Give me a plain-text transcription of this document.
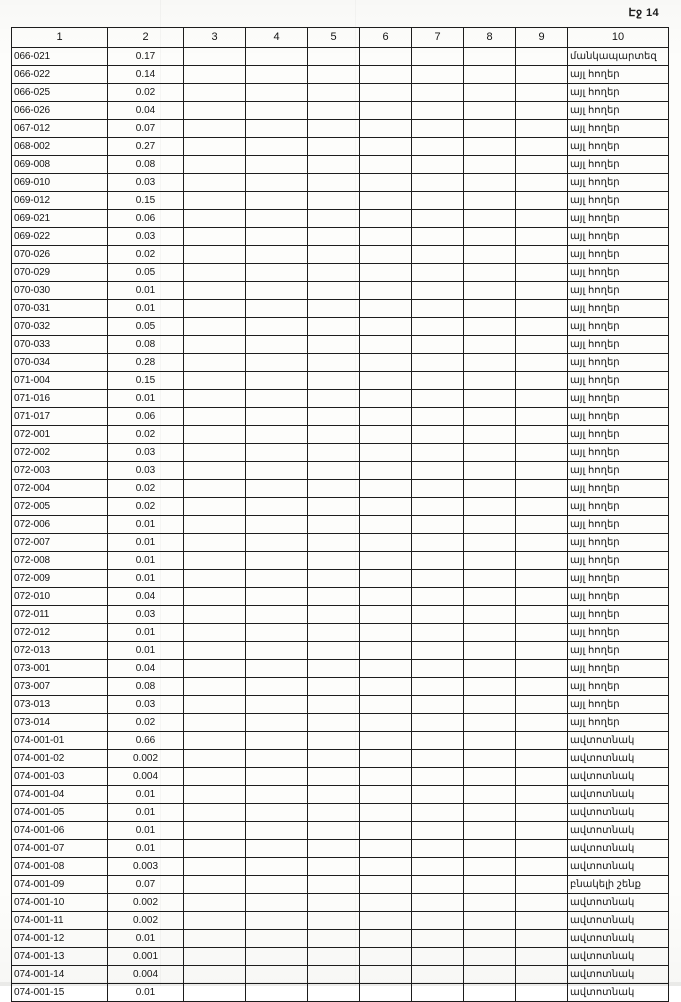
Էջ 14
1	2	3	4	5	6	7	8	9	10
066-021	0.17								մանկապարտեզ
066-022	0.14								այլ հողեր
066-025	0.02								այլ հողեր
066-026	0.04								այլ հողեր
067-012	0.07								այլ հողեր
068-002	0.27								այլ հողեր
069-008	0.08								այլ հողեր
069-010	0.03								այլ հողեր
069-012	0.15								այլ հողեր
069-021	0.06								այլ հողեր
069-022	0.03								այլ հողեր
070-026	0.02								այլ հողեր
070-029	0.05								այլ հողեր
070-030	0.01								այլ հողեր
070-031	0.01								այլ հողեր
070-032	0.05								այլ հողեր
070-033	0.08								այլ հողեր
070-034	0.28								այլ հողեր
071-004	0.15								այլ հողեր
071-016	0.01								այլ հողեր
071-017	0.06								այլ հողեր
072-001	0.02								այլ հողեր
072-002	0.03								այլ հողեր
072-003	0.03								այլ հողեր
072-004	0.02								այլ հողեր
072-005	0.02								այլ հողեր
072-006	0.01								այլ հողեր
072-007	0.01								այլ հողեր
072-008	0.01								այլ հողեր
072-009	0.01								այլ հողեր
072-010	0.04								այլ հողեր
072-011	0.03								այլ հողեր
072-012	0.01								այլ հողեր
072-013	0.01								այլ հողեր
073-001	0.04								այլ հողեր
073-007	0.08								այլ հողեր
073-013	0.03								այլ հողեր
073-014	0.02								այլ հողեր
074-001-01	0.66								ավտոտնակ
074-001-02	0.002								ավտոտնակ
074-001-03	0.004								ավտոտնակ
074-001-04	0.01								ավտոտնակ
074-001-05	0.01								ավտոտնակ
074-001-06	0.01								ավտոտնակ
074-001-07	0.01								ավտոտնակ
074-001-08	0.003								ավտոտնակ
074-001-09	0.07								բնակելի շենք
074-001-10	0.002								ավտոտնակ
074-001-11	0.002								ավտոտնակ
074-001-12	0.01								ավտոտնակ
074-001-13	0.001								ավտոտնակ
074-001-14	0.004								ավտոտնակ
074-001-15	0.01								ավտոտնակ
